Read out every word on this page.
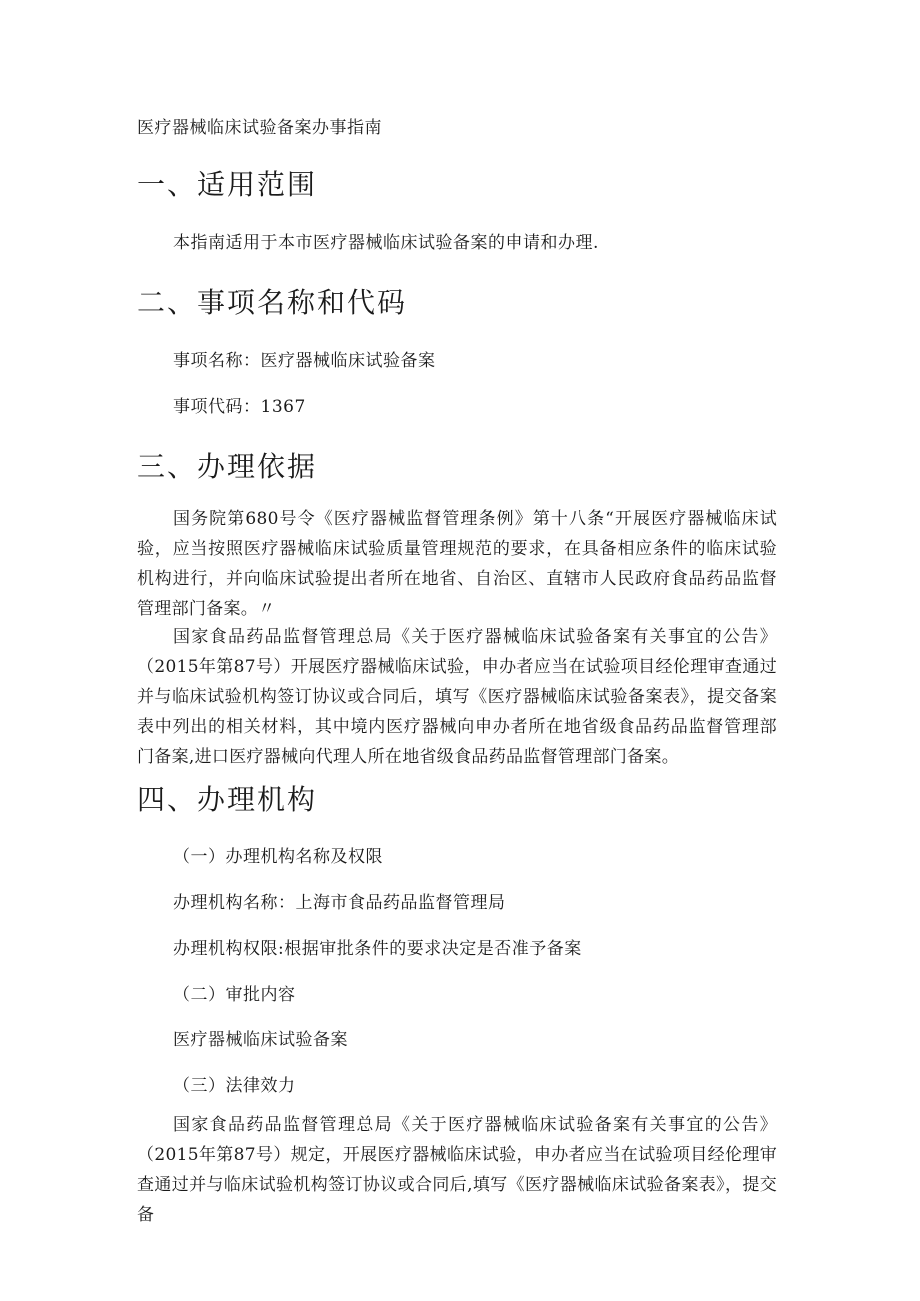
医疗器械临床试验备案办事指南
一、适用范围
本指南适用于本市医疗器械临床试验备案的申请和办理.
二、事项名称和代码
事项名称：医疗器械临床试验备案
事项代码：1367
三、办理依据

国务院第680号令《医疗器械监督管理条例》第十八条“开展医疗器械临床试验，应当按照医疗器械临床试验质量管理规范的要求，在具备相应条件的临床试验机构进行，并向临床试验提出者所在地省、自治区、直辖市人民政府食品药品监督管理部门备案。〃

国家食品药品监督管理总局《关于医疗器械临床试验备案有关事宜的公告》（2015年第87号）开展医疗器械临床试验，申办者应当在试验项目经伦理审查通过并与临床试验机构签订协议或合同后，填写《医疗器械临床试验备案表》，提交备案表中列出的相关材料，其中境内医疗器械向申办者所在地省级食品药品监督管理部门备案,进口医疗器械向代理人所在地省级食品药品监督管理部门备案。

四、办理机构
（一）办理机构名称及权限
办理机构名称：上海市食品药品监督管理局
办理机构权限:根据审批条件的要求决定是否准予备案
（二）审批内容
医疗器械临床试验备案
（三）法律效力

国家食品药品监督管理总局《关于医疗器械临床试验备案有关事宜的公告》（2015年第87号）规定，开展医疗器械临床试验，申办者应当在试验项目经伦理审查通过并与临床试验机构签订协议或合同后,填写《医疗器械临床试验备案表》，提交备
